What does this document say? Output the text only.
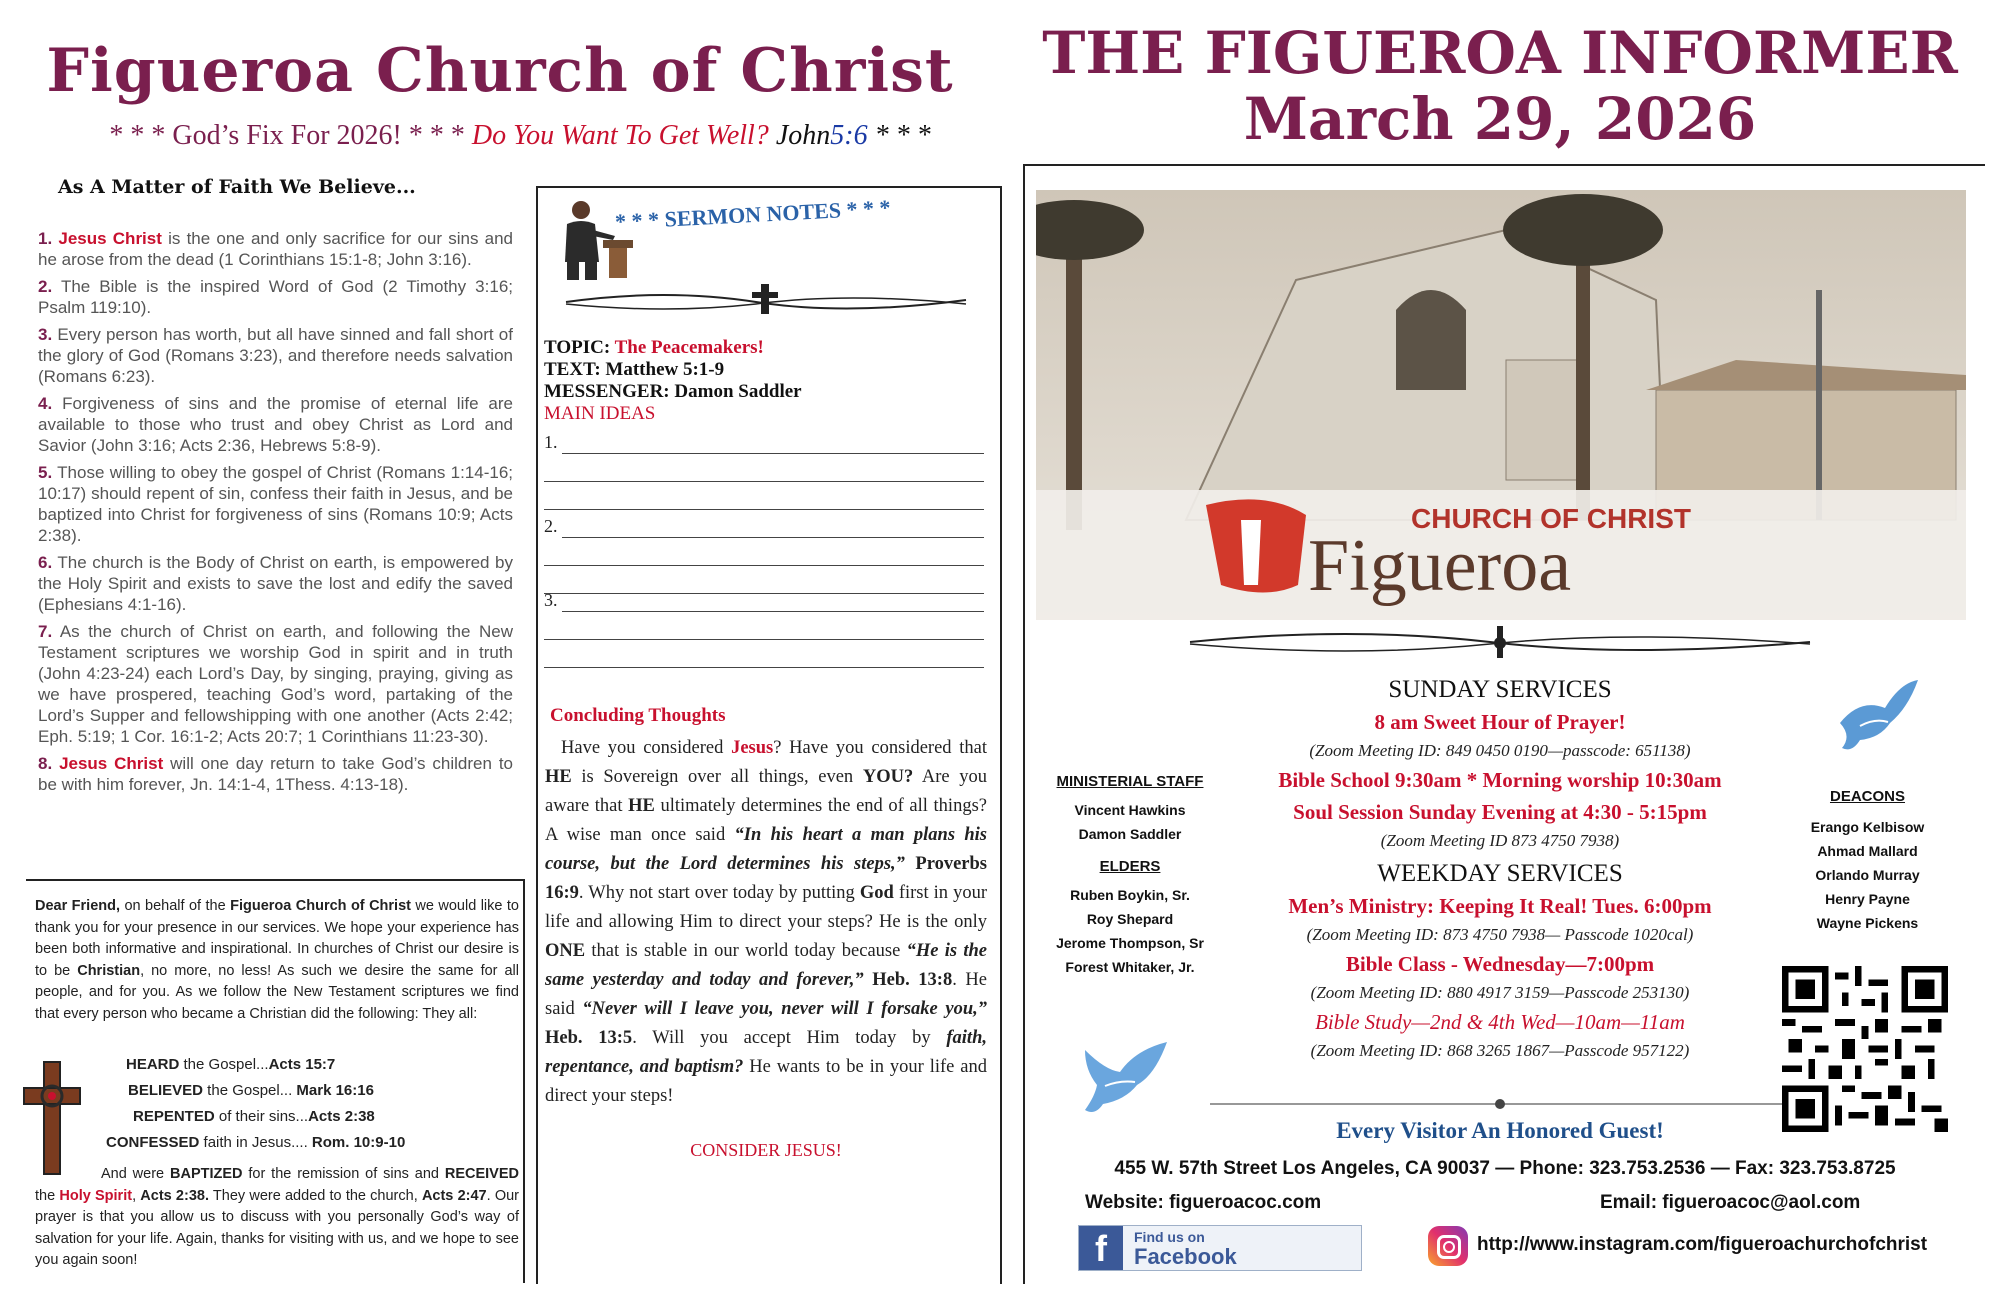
Figueroa Church of Christ
* * * God’s Fix For 2026! * * * Do You Want To Get Well? John5:6 * * *
As A Matter of Faith We Believe...

1. Jesus Christ is the one and only sacrifice for our sins and he arose from the dead (1 Corinthians 15:1-8; John 3:16).

2. The Bible is the inspired Word of God (2 Timothy 3:16; Psalm 119:10).

3. Every person has worth, but all have sinned and fall short of the glory of God (Romans 3:23), and therefore needs salvation (Romans 6:23).

4. Forgiveness of sins and the promise of eternal life are available to those who trust and obey Christ as Lord and Savior (John 3:16; Acts 2:36, Hebrews 5:8-9).

5. Those willing to obey the gospel of Christ (Romans 1:14-16; 10:17) should repent of sin, confess their faith in Jesus, and be baptized into Christ for forgiveness of sins (Romans 10:9; Acts 2:38).

6. The church is the Body of Christ on earth, is empowered by the Holy Spirit and exists to save the lost and edify the saved (Ephesians 4:1-16).

7. As the church of Christ on earth, and following the New Testament scriptures we worship God in spirit and in truth (John 4:23-24) each Lord’s Day, by singing, praying, giving as we have prospered, teaching God’s word, partaking of the Lord’s Supper and fellowshipping with one another (Acts 2:42; Eph. 5:19; 1 Cor. 16:1-2; Acts 20:7; 1 Corinthians 11:23-30).

8. Jesus Christ will one day return to take God’s children to be with him forever, Jn. 14:1-4, 1Thess. 4:13-18).

Dear Friend, on behalf of the Figueroa Church of Christ we would like to thank you for your presence in our services. We hope your experience has been both informative and inspirational. In churches of Christ our desire is to be Christian, no more, no less! As such we desire the same for all people, and for you. As we follow the New Testament scriptures we find that every person who became a Christian did the following: They all:
HEARD the Gospel...Acts 15:7
BELIEVED the Gospel... Mark 16:16
REPENTED of their sins...Acts 2:38
CONFESSED faith in Jesus.... Rom. 10:9-10
And were BAPTIZED for the remission of sins and RECEIVED the Holy Spirit, Acts 2:38. They were added to the church, Acts 2:47. Our prayer is that you allow us to discuss with you personally God’s way of salvation for your life. Again, thanks for visiting with us, and we hope to see you again soon!
* * * SERMON NOTES * * *
TOPIC: The Peacemakers!
TEXT: Matthew 5:1-9
MESSENGER: Damon Saddler
MAIN IDEAS
1.
2.
3.
Concluding Thoughts
Have you considered Jesus? Have you considered that HE is Sovereign over all things, even YOU? Are you aware that HE ultimately determines the end of all things? A wise man once said “In his heart a man plans his course, but the Lord determines his steps,” Proverbs 16:9. Why not start over today by putting God first in your life and allowing Him to direct your steps? He is the only ONE that is stable in our world today because “He is the same yesterday and today and forever,” Heb. 13:8. He said “Never will I leave you, never will I forsake you,” Heb. 13:5. Will you accept Him today by faith, repentance, and baptism? He wants to be in your life and direct your steps!
CONSIDER JESUS!
THE FIGUEROA INFORMER
March 29, 2026
CHURCH OF CHRIST
Figueroa
MINISTERIAL STAFF
Vincent Hawkins
Damon Saddler
ELDERS
Ruben Boykin, Sr.
Roy Shepard
Jerome Thompson, Sr
Forest Whitaker, Jr.
DEACONS
Erango Kelbisow
Ahmad Mallard
Orlando Murray
Henry Payne
Wayne Pickens
SUNDAY SERVICES
8 am Sweet Hour of Prayer!
(Zoom Meeting ID: 849 0450 0190—passcode: 651138)
Bible School 9:30am * Morning worship 10:30am
Soul Session Sunday Evening at 4:30 - 5:15pm
(Zoom Meeting ID 873 4750 7938)
WEEKDAY SERVICES
Men’s Ministry: Keeping It Real! Tues. 6:00pm
(Zoom Meeting ID: 873 4750 7938— Passcode 1020cal)
Bible Class - Wednesday—7:00pm
(Zoom Meeting ID: 880 4917 3159—Passcode 253130)
Bible Study—2nd & 4th Wed—10am—11am
(Zoom Meeting ID: 868 3265 1867—Passcode 957122)
Every Visitor An Honored Guest!
455 W. 57th Street Los Angeles, CA 90037 — Phone: 323.753.2536 — Fax: 323.753.8725
Website: figueroacoc.com	Email: figueroacoc@aol.com
f	Find us on
Facebook	http://www.instagram.com/figueroachurchofchrist
